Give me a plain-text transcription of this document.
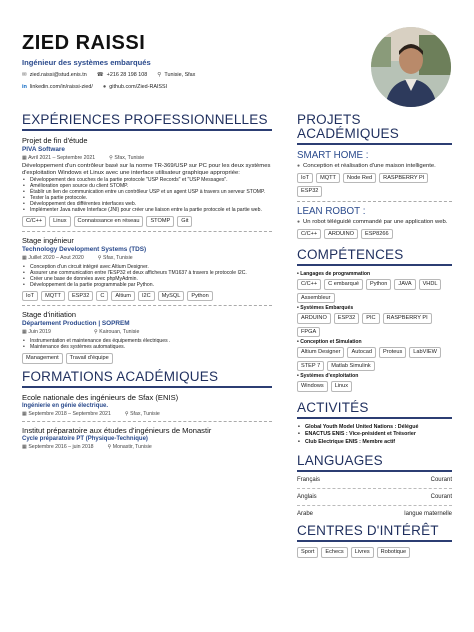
ZIED RAISSI
Ingénieur des systèmes embarqués
✉ zied.raissi@stud.enis.tn ☎ +216 28 198 108 ⚲ Tunisie, Sfax
in linkedin.com/in/raissi-zied/ ● github.com/Zied-RAISSI
EXPÉRIENCES PROFESSIONNELLES
Projet de fin d'étude
PIVA Software
▦ Avril 2021 – Septembre 2021	⚲ Sfax, Tunisie
Développement d'un contrôleur basé sur la norme TR-369/USP sur PC pour les deux systèmes d'exploitation Windows et Linux avec une interface utilisateur graphique appropriée:
• Développement des couches de la partie protocole "USP Records" et "USP Messages".
• Amélioration open source du client STOMP.
• Établir un lien de communication entre un contrôleur USP et un agent USP à travers un serveur STOMP.
• Tester la partie protocole.
• Développement des différentes interfaces web.
• Implémenter Java native Interface (JNI) pour créer une liaison entre la partie protocole et la partie web.
C/C++	Linux	Connaissance en réseau	STOMP	Git
Stage ingénieur
Technology Development Systems (TDS)
▦ Juillet 2020 – Aout 2020	⚲ Sfax, Tunisie
• Conception d'un circuit intégré avec Altium Designer.
• Assurer une communication entre l'ESP32 et deux afficheurs TM1637 à travers le protocole I2C.
• Créer une base de données avec phpMyAdmin.
• Développement de la partie programmable par Python.
IoT	MQTT	ESP32	C	Altium	I2C	MySQL	Python
Stage d'initiation
Département Production | SOPREM
▦ Juin 2019	⚲ Kairouan, Tunisie
• Instrumentation et maintenance des équipements électriques .
• Maintenance des systèmes automatiques.
Management	Travail d'équipe
FORMATIONS ACADÉMIQUES
Ecole nationale des ingénieurs de Sfax (ENIS)
Ingénierie en génie électrique.
▦ Septembre 2018 – Septembre 2021	⚲ Sfax, Tunisie
Institut préparatoire aux études d'ingénieurs de Monastir
Cycle préparatoire PT (Physique-Technique)
▦ Septembre 2016 – juin 2018	⚲ Monastir, Tunisie
PROJETS
ACADÉMIQUES
SMART HOME :
● Conception et réalisation d'une maison intelligente.
IoT	MQTT	Node Red	RASPBERRY PI
ESP32
LEAN ROBOT :
● Un robot téléguidé commandé par une application web.
C/C++	ARDUINO	ESP8266
COMPÉTENCES
• Langages de programmation
C/C++	C embarqué	Python	JAVA	VHDL
Assembleur
• Systèmes Embarqués
ARDUINO	ESP32	PIC	RASPBERRY PI
FPGA
• Conception et Simulation
Altium Designer	Autocad	Proteus	LabVIEW
STEP 7	Matlab Simulink
• Systèmes d'exploitation
Windows	Linux
ACTIVITÉS
• Global Youth Model United Nations : Délégué
• ENACTUS ENIS : Vice-président et Trésorier
• Club Electrique ENIS : Membre actif
LANGUAGES
Français	Courant
Anglais	Courant
Arabe	langue maternelle
CENTRES D'INTÉRÊT
Sport	Echecs	Livres	Robotique
